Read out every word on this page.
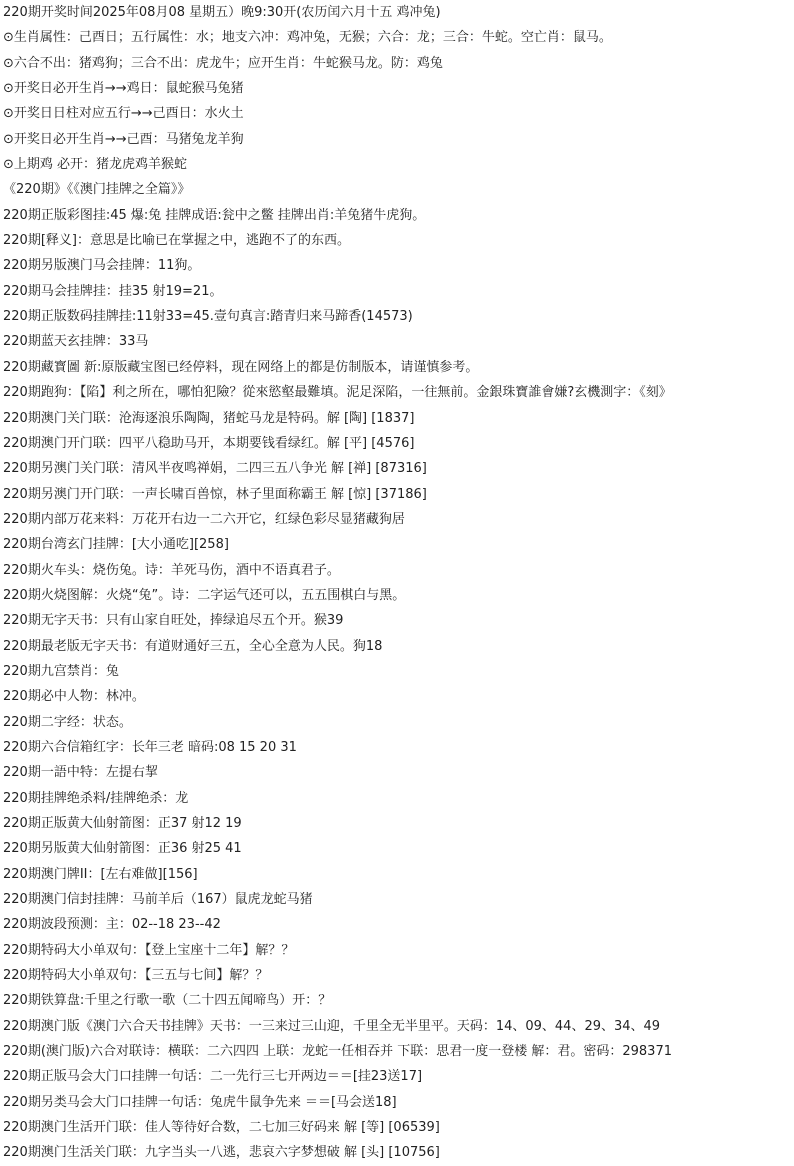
220期开奖时间2025年08月08 星期五）晚9:30开(农历闰六月十五 鸡冲兔)
⊙生肖属性：己酉日；五行属性：水；地支六冲：鸡冲兔，无猴；六合：龙；三合：牛蛇。空亡肖：鼠马。
⊙六合不出：猪鸡狗；三合不出：虎龙牛；应开生肖：牛蛇猴马龙。防：鸡兔
⊙开奖日必开生肖→→鸡日：鼠蛇猴马兔猪
⊙开奖日日柱对应五行→→己酉日：水火土
⊙开奖日必开生肖→→己酉：马猪兔龙羊狗
⊙上期鸡 必开：猪龙虎鸡羊猴蛇
《220期》《《澳门挂牌之全篇》》
220期正版彩图挂:45 爆:兔 挂牌成语:瓮中之鳖 挂牌出肖:羊兔猪牛虎狗。
220期[释义]：意思是比喻已在掌握之中，逃跑不了的东西。
220期另版澳门马会挂牌：11狗。
220期马会挂牌挂：挂35 射19=21。
220期正版数码挂牌挂:11射33=45.壹句真言:踏青归来马蹄香(14573)
220期蓝天玄挂牌：33马
220期藏寳圖 新:原版藏宝图已经停料，现在网络上的都是仿制版本，请谨慎参考。
220期跑狗：【陷】利之所在，哪怕犯險？從來慾壑最難填。泥足深陷，一往無前。金銀珠寶誰會嫌?玄機測字：《刻》
220期澳门关门联：沧海逐浪乐陶陶，猪蛇马龙是特码。解 [陶] [1837]
220期澳门开门联：四平八稳助马开，本期要钱看绿红。解 [平] [4576]
220期另澳门关门联：清风半夜鸣禅娟，二四三五八争光 解 [禅] [87316]
220期另澳门开门联：一声长啸百兽惊，林子里面称霸王 解 [惊] [37186]
220期内部万花来料：万花开右边一二六开它，红绿色彩尽显猪藏狗居
220期台湾玄门挂牌：[大小通吃][258]
220期火车头：烧伤兔。诗：羊死马伤，酒中不语真君子。
220期火烧图解：火烧“兔”。诗：二字运气还可以，五五围棋白与黑。
220期无字天书：只有山家自旺处，捧绿追尽五个开。猴39
220期最老版无字天书：有道财通好三五，全心全意为人民。狗18
220期九宫禁肖：兔
220期必中人物：林冲。
220期二字经：状态。
220期六合信箱红字：长年三老 暗码:08 15 20 31
220期一語中特：左提右挈
220期挂牌绝杀料/挂牌绝杀：龙
220期正版黄大仙射箭图：正37 射12 19
220期另版黄大仙射箭图：正36 射25 41
220期澳门牌II：[左右难做][156]
220期澳门信封挂牌：马前羊后（167）鼠虎龙蛇马猪
220期波段预测：主：02--18 23--42
220期特码大小单双句：【登上宝座十二年】解？？
220期特码大小单双句：【三五与七间】解？？
220期铁算盘:千里之行歌一歌（二十四五闻啼鸟）开：？
220期澳门版《澳门六合天书挂牌》天书：一三来过三山迎，千里全无半里平。天码：14、09、44、29、34、49
220期(澳门版)六合对联诗：横联：二六四四 上联：龙蛇一任相吞并 下联：思君一度一登楼 解：君。密码：298371
220期正版马会大门口挂牌一句话：二一先行三七开两边＝＝[挂23送17]
220期另类马会大门口挂牌一句话：兔虎牛鼠争先来 ＝＝[马会送18]
220期澳门生活开门联：佳人等待好合数，二七加三好码来 解 [等] [06539]
220期澳门生活关门联：九字当头一八逃，悲哀六字梦想破 解 [头] [10756]
